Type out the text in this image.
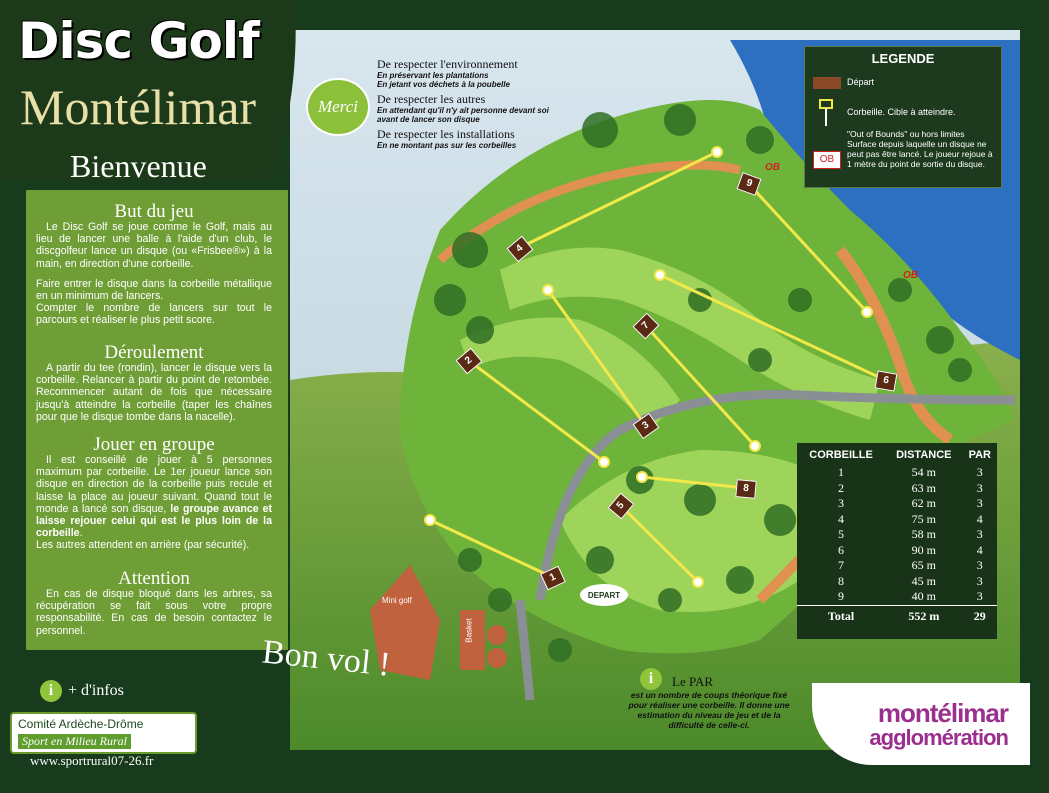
1
2
3
4
5
6
7
8
9
Disc Golf
Montélimar
Bienvenue
But du jeu

Le Disc Golf se joue comme le Golf, mais au lieu de lancer une balle à l'aide d'un club, le discgolfeur lance un disque (ou «Frisbee®») à la main, en direction d'une corbeille.

Faire entrer le disque dans la corbeille métallique en un minimum de lancers.

Compter le nombre de lancers sur tout le parcours et réaliser le plus petit score.

Déroulement

A partir du tee (rondin), lancer le disque vers la corbeille. Relancer à partir du point de retombée. Recommencer autant de fois que nécessaire jusqu'à atteindre la corbeille (taper les chaînes pour que le disque tombe dans la nacelle).

Jouer en groupe

Il est conseillé de jouer à 5 personnes maximum par corbeille. Le 1er joueur lance son disque en direction de la corbeille puis recule et laisse la place au joueur suivant. Quand tout le monde a lancé son disque, le groupe avance et laisse rejouer celui qui est le plus loin de la corbeille.

Les autres attendent en arrière (par sécurité).

Attention

En cas de disque bloqué dans les arbres, sa récupération se fait sous votre propre responsabilité. En cas de besoin contactez le personnel.

i + d'infos
Comité Ardèche-Drôme
Sport en Milieu Rural
www.sportrural07-26.fr
Bon vol !
Merci
De respecter l'environnement
En préservant les plantations
En jetant vos déchets à la poubelle
De respecter les autres
En attendant qu'il n'y ait personne devant soi avant de lancer son disque
De respecter les installations
En ne montant pas sur les corbeilles
LEGENDE
Départ
Corbeille. Cible à atteindre.
OB
"Out of Bounds" ou hors limites
Surface depuis laquelle un disque ne peut pas être lancé. Le joueur rejoue à 1 mètre du point de sortie du disque.
CORBEILLE	DISTANCE	PAR
1	54 m	3
2	63 m	3
3	62 m	3
4	75 m	4
5	58 m	3
6	90 m	4
7	65 m	3
8	45 m	3
9	40 m	3
Total	552 m	29
i	Le PAR
est un nombre de coups théorique fixé pour réaliser une corbeille. Il donne une estimation du niveau de jeu et de la difficulté de celle-ci.	montélimar
agglomération
DEPART
Mini golf
Basket
OB
OB
